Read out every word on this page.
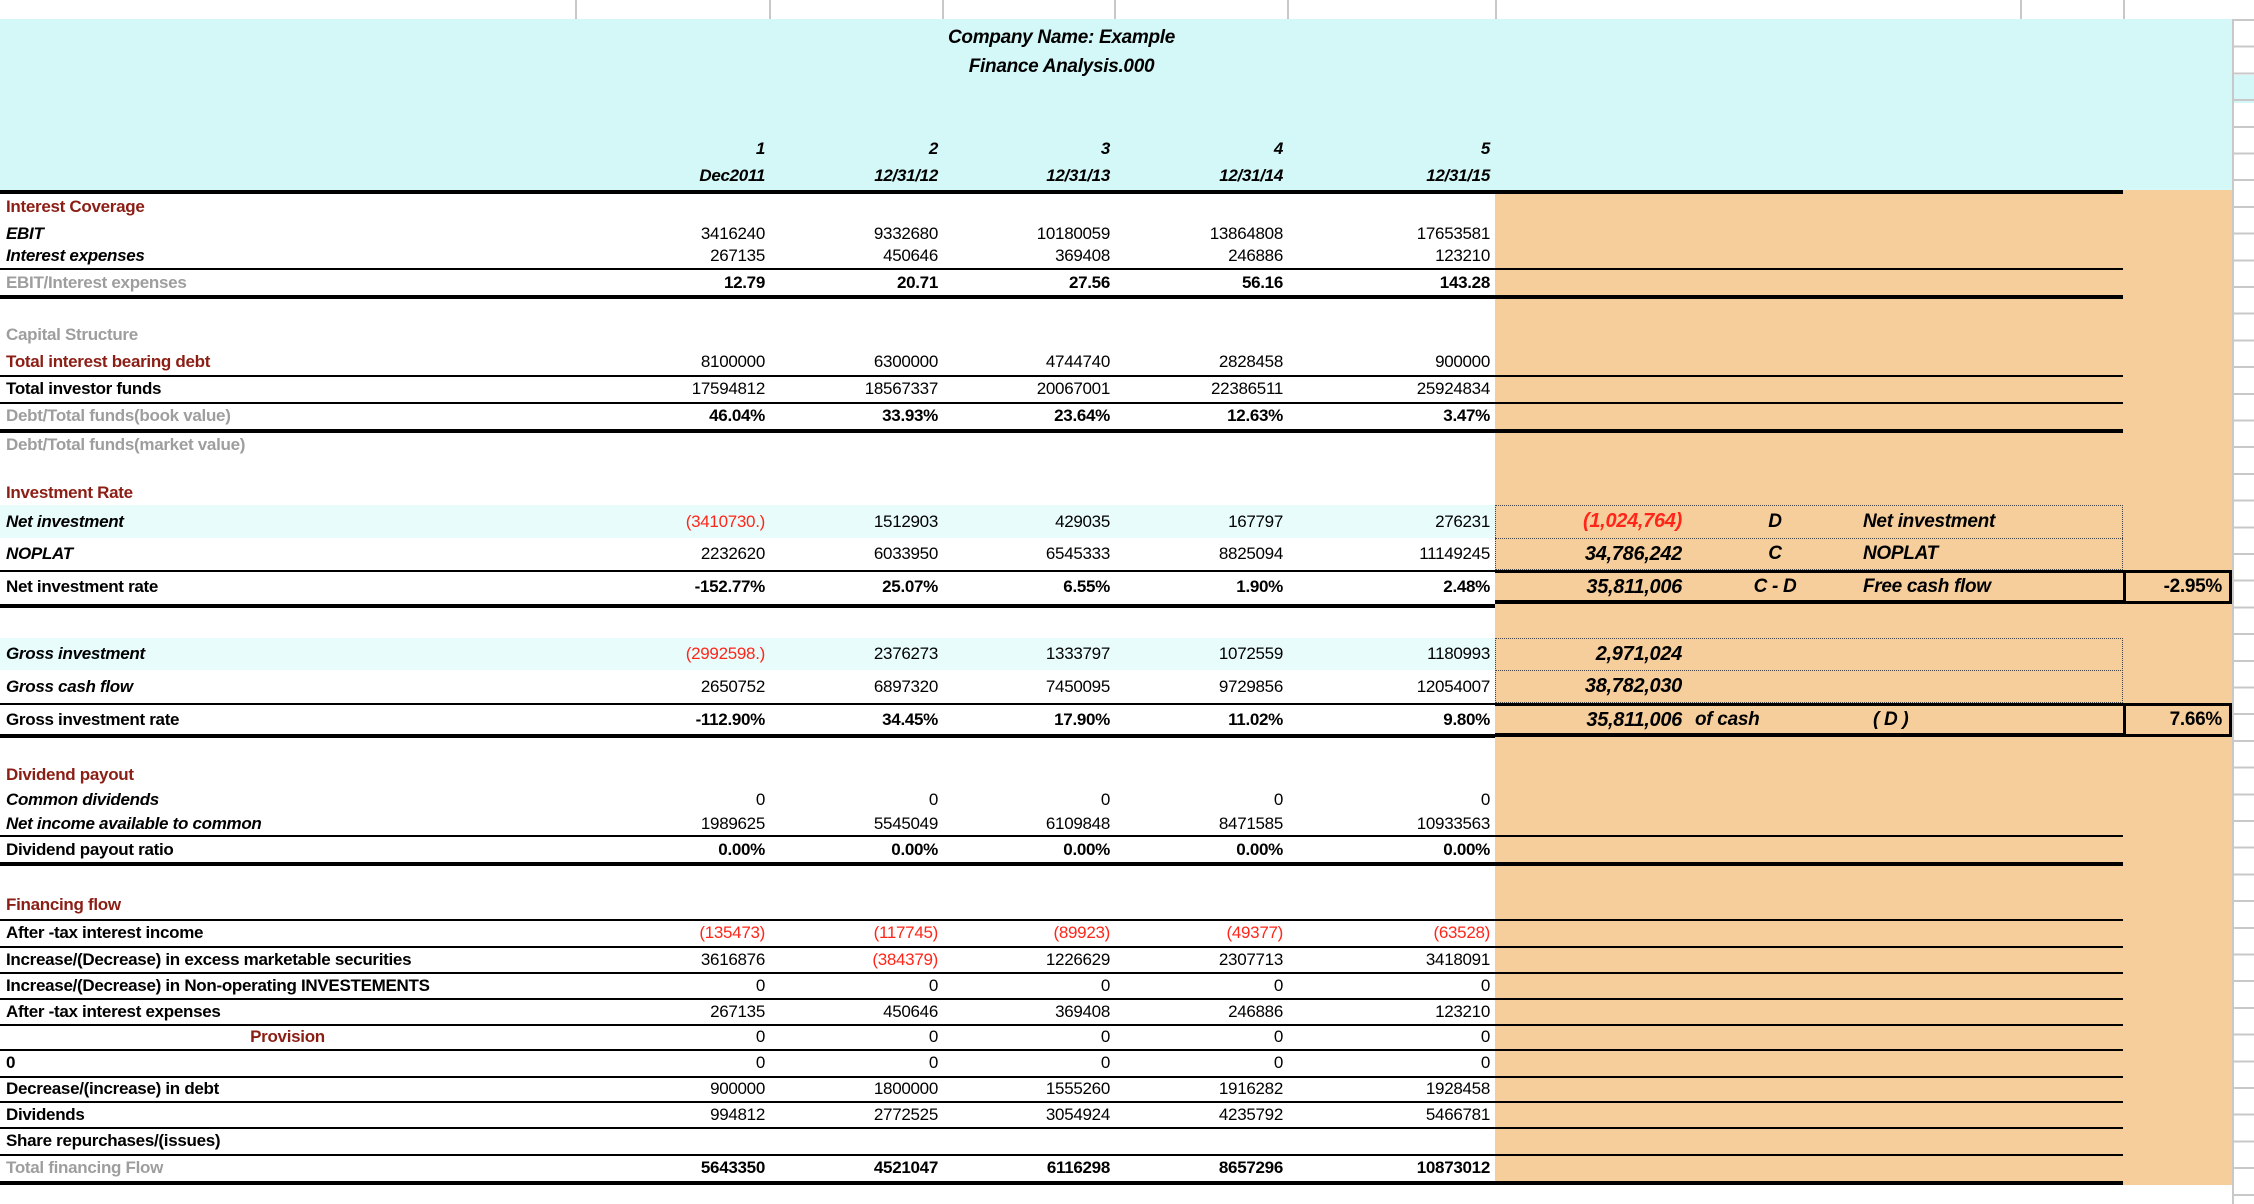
Company Name: Example
Finance Analysis.000
1	2	3	4	5
Dec2011	12/31/12	12/31/13	12/31/14	12/31/15
Interest Coverage
EBIT	3416240	9332680	10180059	13864808	17653581
Interest expenses	267135	450646	369408	246886	123210
EBIT/Interest expenses	12.79	20.71	27.56	56.16	143.28
Capital Structure
Total interest bearing debt	8100000	6300000	4744740	2828458	900000
Total investor funds	17594812	18567337	20067001	22386511	25924834
Debt/Total funds(book value)	46.04%	33.93%	23.64%	12.63%	3.47%
Debt/Total funds(market value)
Investment Rate
Net investment	(3410730.)	1512903	429035	167797	276231
NOPLAT	2232620	6033950	6545333	8825094	11149245
Net investment rate	-152.77%	25.07%	6.55%	1.90%	2.48%
Gross investment	(2992598.)	2376273	1333797	1072559	1180993
Gross cash flow	2650752	6897320	7450095	9729856	12054007
Gross investment rate	-112.90%	34.45%	17.90%	11.02%	9.80%
Dividend payout
Common dividends	0	0	0	0	0
Net income available to common	1989625	5545049	6109848	8471585	10933563
Dividend payout ratio	0.00%	0.00%	0.00%	0.00%	0.00%
Financing flow
After -tax interest income	(135473)	(117745)	(89923)	(49377)	(63528)
Increase/(Decrease) in excess marketable securities	3616876	(384379)	1226629	2307713	3418091
Increase/(Decrease) in Non-operating INVESTEMENTS	0	0	0	0	0
After -tax interest expenses	267135	450646	369408	246886	123210
Provision	0	0	0	0	0
0	0	0	0	0	0
Decrease/(increase) in debt	900000	1800000	1555260	1916282	1928458
Dividends	994812	2772525	3054924	4235792	5466781
Share repurchases/(issues)
Total financing Flow	5643350	4521047	6116298	8657296	10873012
(1,024,764)	D	Net investment
34,786,242	C	NOPLAT
35,811,006	C - D	Free cash flow	-2.95%
2,971,024
38,782,030
35,811,006 of cash	( D )	7.66%
